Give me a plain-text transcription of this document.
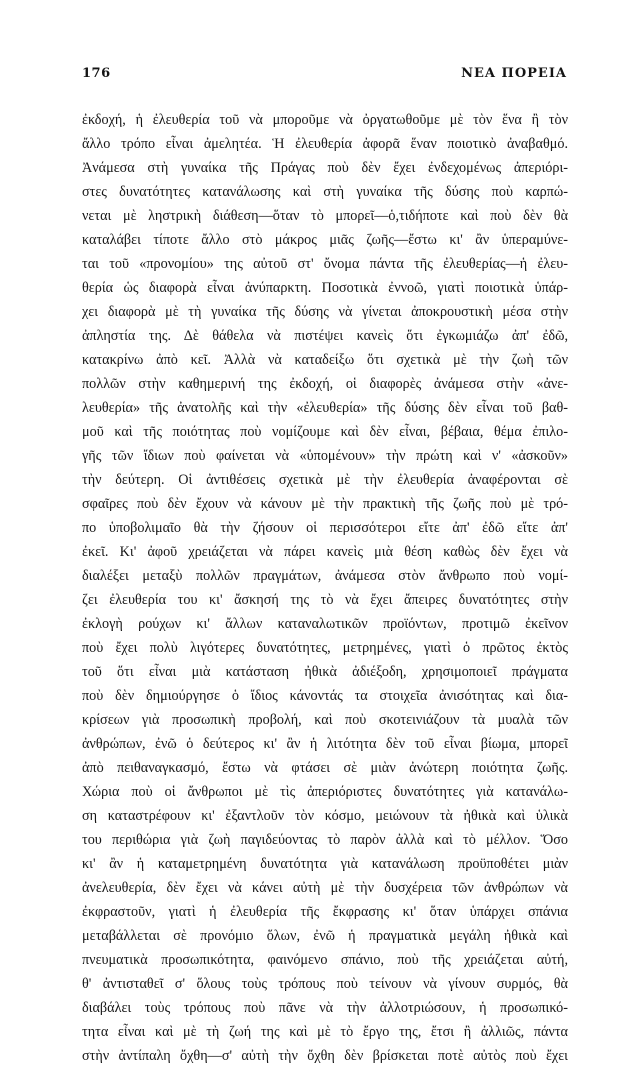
176	ΝΕΑ ΠΟΡΕΙΑ
ἐκδοχή, ἡ ἐλευθερία τοῦ νὰ μποροῦμε νὰ ὀργατωθοῦμε μὲ τὸν ἕνα ἢ τὸν
ἄλλο τρόπο εἶναι ἀμελητέα. Ἡ ἐλευθερία ἀφορᾶ ἕναν ποιοτικὸ ἀναβαθμό.
Ἀνάμεσα στὴ γυναίκα τῆς Πράγας ποὺ δὲν ἔχει ἐνδεχομένως ἀπεριόρι-
στες δυνατότητες κατανάλωσης καὶ στὴ γυναίκα τῆς δύσης ποὺ καρπώ-
νεται μὲ ληστρικὴ διάθεση—ὅταν τὸ μπορεῖ—ὁ,τιδήποτε καὶ ποὺ δὲν θὰ
καταλάβει τίποτε ἄλλο στὸ μάκρος μιᾶς ζωῆς—ἔστω κι' ἂν ὑπεραμύνε-
ται τοῦ «προνομίου» της αὐτοῦ στ' ὄνομα πάντα τῆς ἐλευθερίας—ἡ ἐλευ-
θερία ὡς διαφορὰ εἶναι ἀνύπαρκτη. Ποσοτικὰ ἐννοῶ, γιατὶ ποιοτικὰ ὑπάρ-
χει διαφορὰ μὲ τὴ γυναίκα τῆς δύσης νὰ γίνεται ἀποκρουστικὴ μέσα στὴν
ἀπληστία της. Δὲ θάθελα νὰ πιστέψει κανεὶς ὅτι ἐγκωμιάζω ἀπ' ἐδῶ,
κατακρίνω ἀπὸ κεῖ. Ἀλλὰ νὰ καταδείξω ὅτι σχετικὰ μὲ τὴν ζωὴ τῶν
πολλῶν στὴν καθημερινή της ἐκδοχή, οἱ διαφορὲς ἀνάμεσα στὴν «ἀνε-
λευθερία» τῆς ἀνατολῆς καὶ τὴν «ἐλευθερία» τῆς δύσης δὲν εἶναι τοῦ βαθ-
μοῦ καὶ τῆς ποιότητας ποὺ νομίζουμε καὶ δὲν εἶναι, βέβαια, θέμα ἐπιλο-
γῆς τῶν ἴδιων ποὺ φαίνεται νὰ «ὑπομένουν» τὴν πρώτη καὶ ν' «ἀσκοῦν»
τὴν δεύτερη. Οἱ ἀντιθέσεις σχετικὰ μὲ τὴν ἐλευθερία ἀναφέρονται σὲ
σφαῖρες ποὺ δὲν ἔχουν νὰ κάνουν μὲ τὴν πρακτικὴ τῆς ζωῆς ποὺ μὲ τρό-
πο ὑποβολιμαῖο θὰ τὴν ζήσουν οἱ περισσότεροι εἴτε ἀπ' ἐδῶ εἴτε ἀπ'
ἐκεῖ. Κι' ἀφοῦ χρειάζεται νὰ πάρει κανεὶς μιὰ θέση καθὼς δὲν ἔχει νὰ
διαλέξει μεταξὺ πολλῶν πραγμάτων, ἀνάμεσα στὸν ἄνθρωπο ποὺ νομί-
ζει ἐλευθερία του κι' ἄσκησή της τὸ νὰ ἔχει ἄπειρες δυνατότητες στὴν
ἐκλογὴ ρούχων κι' ἄλλων καταναλωτικῶν προϊόντων, προτιμῶ ἐκεῖνον
ποὺ ἔχει πολὺ λιγότερες δυνατότητες, μετρημένες, γιατὶ ὁ πρῶτος ἐκτὸς
τοῦ ὅτι εἶναι μιὰ κατάσταση ἠθικὰ ἀδιέξοδη, χρησιμοποιεῖ πράγματα
ποὺ δὲν δημιούργησε ὁ ἴδιος κάνοντάς τα στοιχεῖα ἀνισότητας καὶ δια-
κρίσεων γιὰ προσωπικὴ προβολή, καὶ ποὺ σκοτεινιάζουν τὰ μυαλὰ τῶν
ἀνθρώπων, ἐνῶ ὁ δεύτερος κι' ἂν ἡ λιτότητα δὲν τοῦ εἶναι βίωμα, μπορεῖ
ἀπὸ πειθαναγκασμό, ἔστω νὰ φτάσει σὲ μιὰν ἀνώτερη ποιότητα ζωῆς.
Χώρια ποὺ οἱ ἄνθρωποι μὲ τὶς ἀπεριόριστες δυνατότητες γιὰ κατανάλω-
ση καταστρέφουν κι' ἐξαντλοῦν τὸν κόσμο, μειώνουν τὰ ἠθικὰ καὶ ὑλικὰ
του περιθώρια γιὰ ζωὴ παγιδεύοντας τὸ παρὸν ἀλλὰ καὶ τὸ μέλλον. Ὅσο
κι' ἂν ἡ καταμετρημένη δυνατότητα γιὰ κατανάλωση προϋποθέτει μιὰν
ἀνελευθερία, δὲν ἔχει νὰ κάνει αὐτὴ μὲ τὴν δυσχέρεια τῶν ἀνθρώπων νὰ
ἐκφραστοῦν, γιατὶ ἡ ἐλευθερία τῆς ἔκφρασης κι' ὅταν ὑπάρχει σπάνια
μεταβάλλεται σὲ προνόμιο ὅλων, ἐνῶ ἡ πραγματικὰ μεγάλη ἠθικὰ καὶ
πνευματικὰ προσωπικότητα, φαινόμενο σπάνιο, ποὺ τῆς χρειάζεται αὐτή,
θ' ἀντισταθεῖ σ' ὅλους τοὺς τρόπους ποὺ τείνουν νὰ γίνουν συρμός, θὰ
διαβάλει τοὺς τρόπους ποὺ πᾶνε νὰ τὴν ἀλλοτριώσουν, ἡ προσωπικό-
τητα εἶναι καὶ μὲ τὴ ζωή της καὶ μὲ τὸ ἔργο της, ἔτσι ἢ ἀλλιῶς, πάντα
στὴν ἀντίπαλη ὄχθη—σ' αὐτὴ τὴν ὄχθη δὲν βρίσκεται ποτὲ αὐτὸς ποὺ ἔχει
